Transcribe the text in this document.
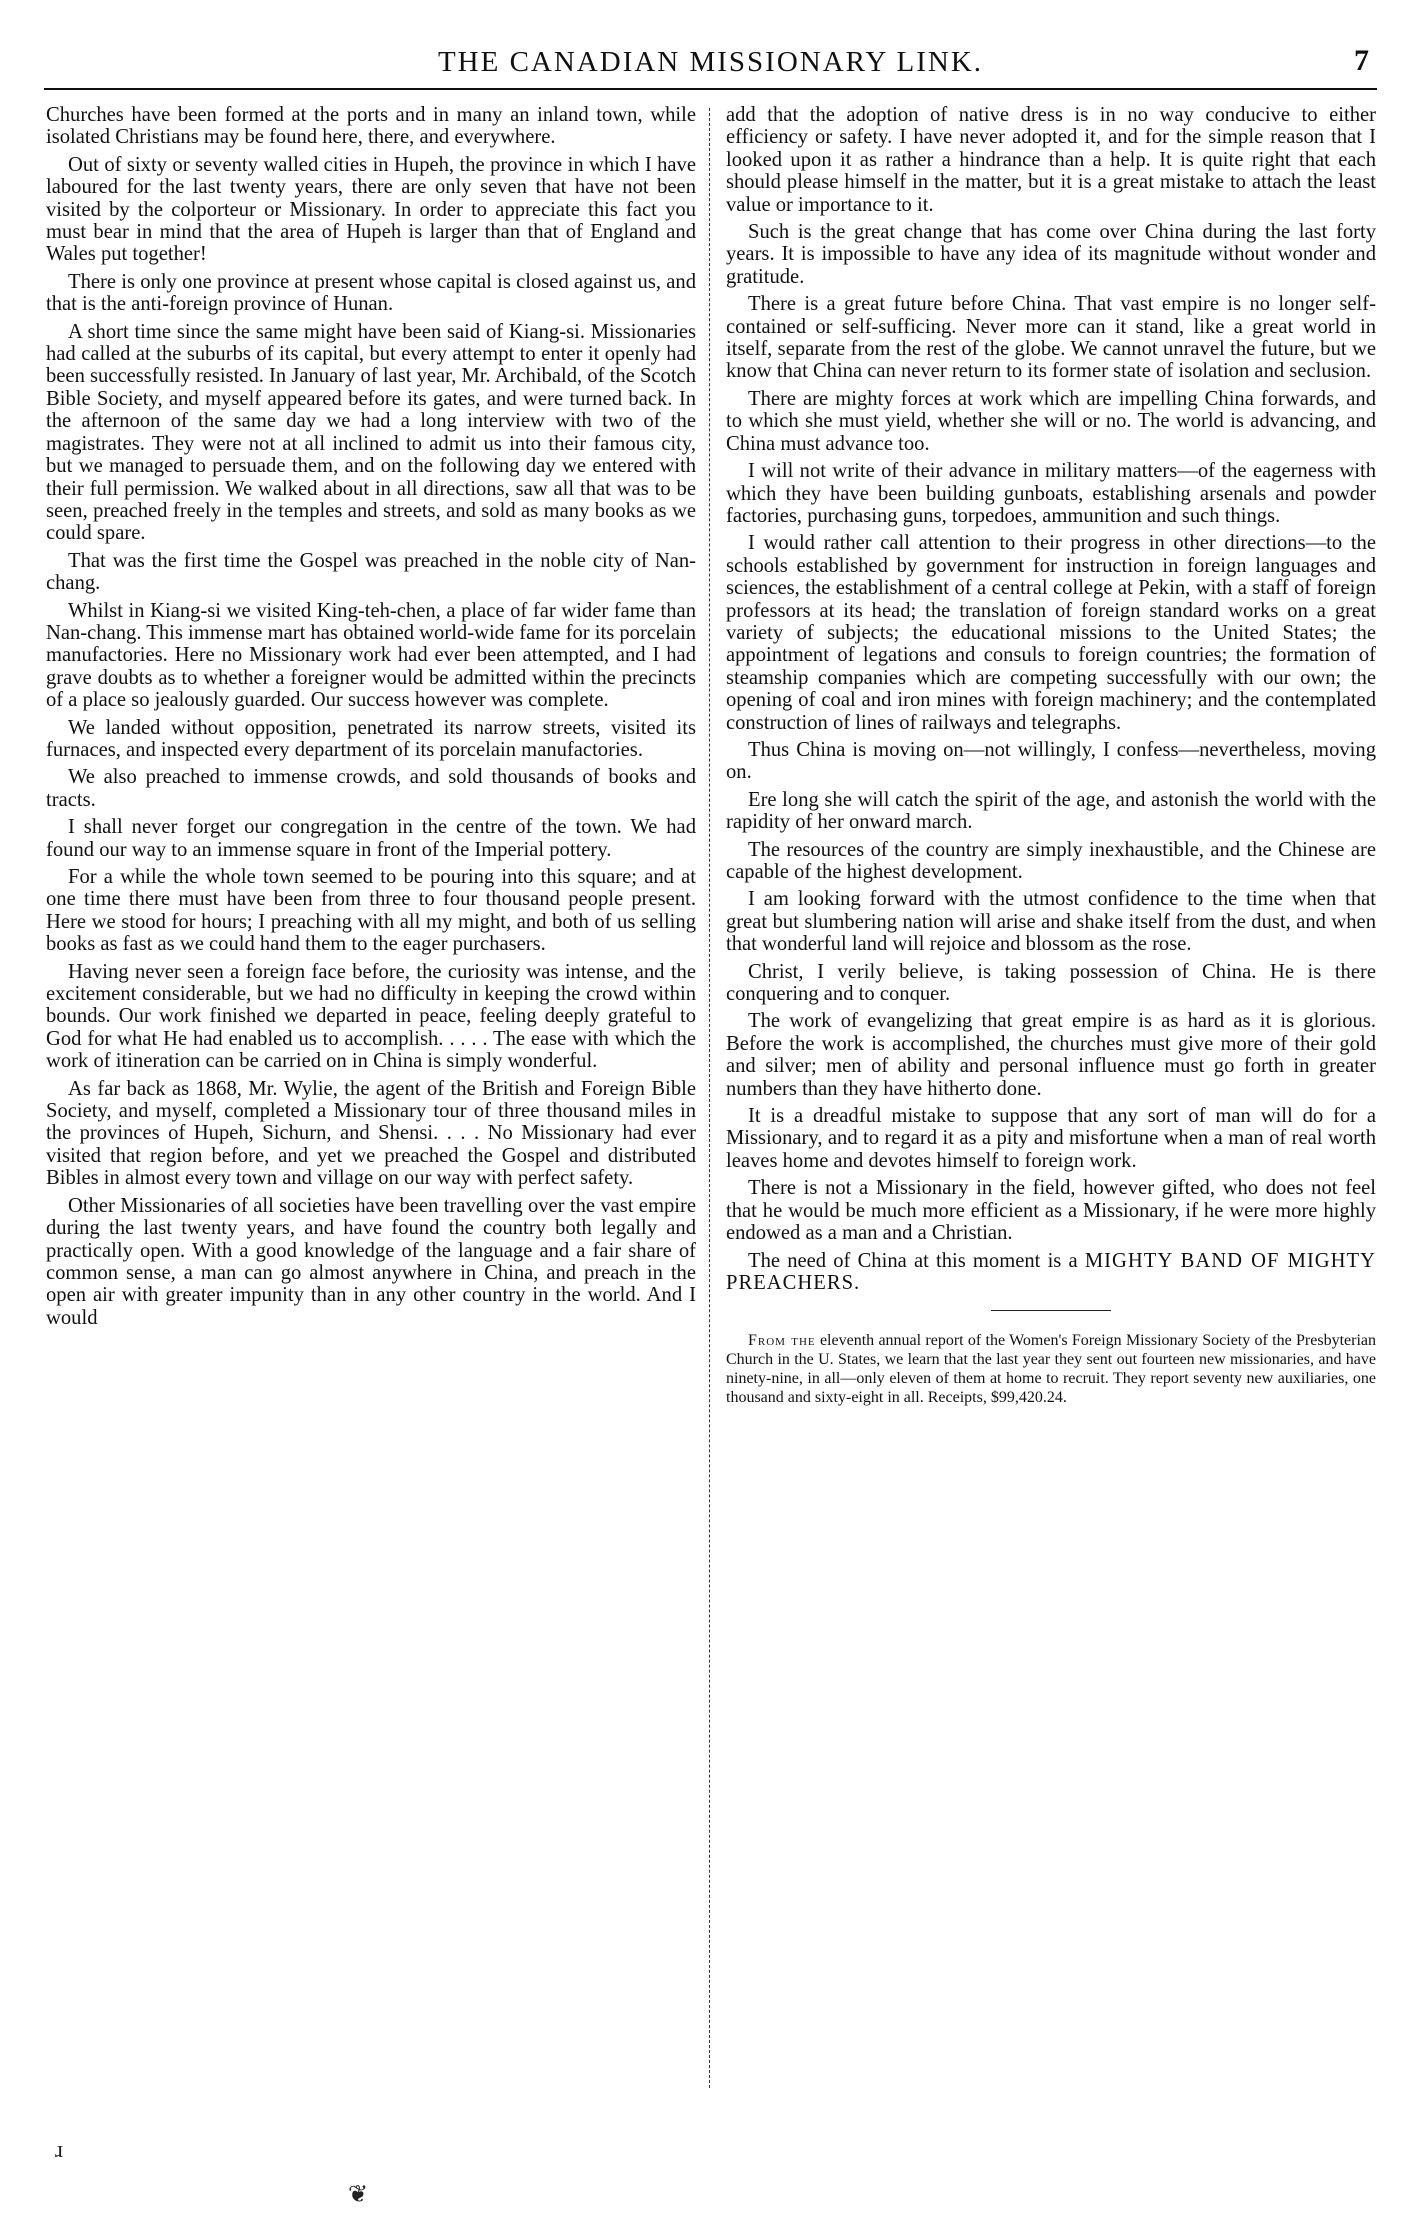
THE CANADIAN MISSIONARY LINK.	7

Churches have been formed at the ports and in many an inland town, while isolated Christians may be found here, there, and everywhere.

Out of sixty or seventy walled cities in Hupeh, the province in which I have laboured for the last twenty years, there are only seven that have not been visited by the colporteur or Missionary. In order to appreciate this fact you must bear in mind that the area of Hupeh is larger than that of England and Wales put together!

There is only one province at present whose capital is closed against us, and that is the anti-foreign province of Hunan.

A short time since the same might have been said of Kiang-si. Missionaries had called at the suburbs of its capital, but every attempt to enter it openly had been successfully resisted. In January of last year, Mr. Archibald, of the Scotch Bible Society, and myself appeared before its gates, and were turned back. In the afternoon of the same day we had a long interview with two of the magistrates. They were not at all inclined to admit us into their famous city, but we managed to persuade them, and on the following day we entered with their full permission. We walked about in all directions, saw all that was to be seen, preached freely in the temples and streets, and sold as many books as we could spare.

That was the first time the Gospel was preached in the noble city of Nan-chang.

Whilst in Kiang-si we visited King-teh-chen, a place of far wider fame than Nan-chang. This immense mart has obtained world-wide fame for its porcelain manufactories. Here no Missionary work had ever been attempted, and I had grave doubts as to whether a foreigner would be admitted within the precincts of a place so jealously guarded. Our success however was complete.

We landed without opposition, penetrated its narrow streets, visited its furnaces, and inspected every department of its porcelain manufactories.

We also preached to immense crowds, and sold thousands of books and tracts.

I shall never forget our congregation in the centre of the town. We had found our way to an immense square in front of the Imperial pottery.

For a while the whole town seemed to be pouring into this square; and at one time there must have been from three to four thousand people present. Here we stood for hours; I preaching with all my might, and both of us selling books as fast as we could hand them to the eager purchasers.

Having never seen a foreign face before, the curiosity was intense, and the excitement considerable, but we had no difficulty in keeping the crowd within bounds. Our work finished we departed in peace, feeling deeply grateful to God for what He had enabled us to accomplish. . . . . The ease with which the work of itineration can be carried on in China is simply wonderful.

As far back as 1868, Mr. Wylie, the agent of the British and Foreign Bible Society, and myself, completed a Missionary tour of three thousand miles in the provinces of Hupeh, Sichurn, and Shensi. . . . No Missionary had ever visited that region before, and yet we preached the Gospel and distributed Bibles in almost every town and village on our way with perfect safety.

Other Missionaries of all societies have been travelling over the vast empire during the last twenty years, and have found the country both legally and practically open. With a good knowledge of the language and a fair share of common sense, a man can go almost anywhere in China, and preach in the open air with greater impunity than in any other country in the world. And I would

add that the adoption of native dress is in no way conducive to either efficiency or safety. I have never adopted it, and for the simple reason that I looked upon it as rather a hindrance than a help. It is quite right that each should please himself in the matter, but it is a great mistake to attach the least value or importance to it.

Such is the great change that has come over China during the last forty years. It is impossible to have any idea of its magnitude without wonder and gratitude.

There is a great future before China. That vast empire is no longer self-contained or self-sufficing. Never more can it stand, like a great world in itself, separate from the rest of the globe. We cannot unravel the future, but we know that China can never return to its former state of isolation and seclusion.

There are mighty forces at work which are impelling China forwards, and to which she must yield, whether she will or no. The world is advancing, and China must advance too.

I will not write of their advance in military matters—of the eagerness with which they have been building gunboats, establishing arsenals and powder factories, purchasing guns, torpedoes, ammunition and such things.

I would rather call attention to their progress in other directions—to the schools established by government for instruction in foreign languages and sciences, the establishment of a central college at Pekin, with a staff of foreign professors at its head; the translation of foreign standard works on a great variety of subjects; the educational missions to the United States; the appointment of legations and consuls to foreign countries; the formation of steamship companies which are competing successfully with our own; the opening of coal and iron mines with foreign machinery; and the contemplated construction of lines of railways and telegraphs.

Thus China is moving on—not willingly, I confess—nevertheless, moving on.

Ere long she will catch the spirit of the age, and astonish the world with the rapidity of her onward march.

The resources of the country are simply inexhaustible, and the Chinese are capable of the highest development.

I am looking forward with the utmost confidence to the time when that great but slumbering nation will arise and shake itself from the dust, and when that wonderful land will rejoice and blossom as the rose.

Christ, I verily believe, is taking possession of China. He is there conquering and to conquer.

The work of evangelizing that great empire is as hard as it is glorious. Before the work is accomplished, the churches must give more of their gold and silver; men of ability and personal influence must go forth in greater numbers than they have hitherto done.

It is a dreadful mistake to suppose that any sort of man will do for a Missionary, and to regard it as a pity and misfortune when a man of real worth leaves home and devotes himself to foreign work.

There is not a Missionary in the field, however gifted, who does not feel that he would be much more efficient as a Missionary, if he were more highly endowed as a man and a Christian.

The need of China at this moment is a MIGHTY BAND OF MIGHTY PREACHERS.

From the eleventh annual report of the Women's Foreign Missionary Society of the Presbyterian Church in the U. States, we learn that the last year they sent out fourteen new missionaries, and have ninety-nine, in all—only eleven of them at home to recruit. They report seventy new auxiliaries, one thousand and sixty-eight in all. Receipts, $99,420.24.

ɹ
❦
